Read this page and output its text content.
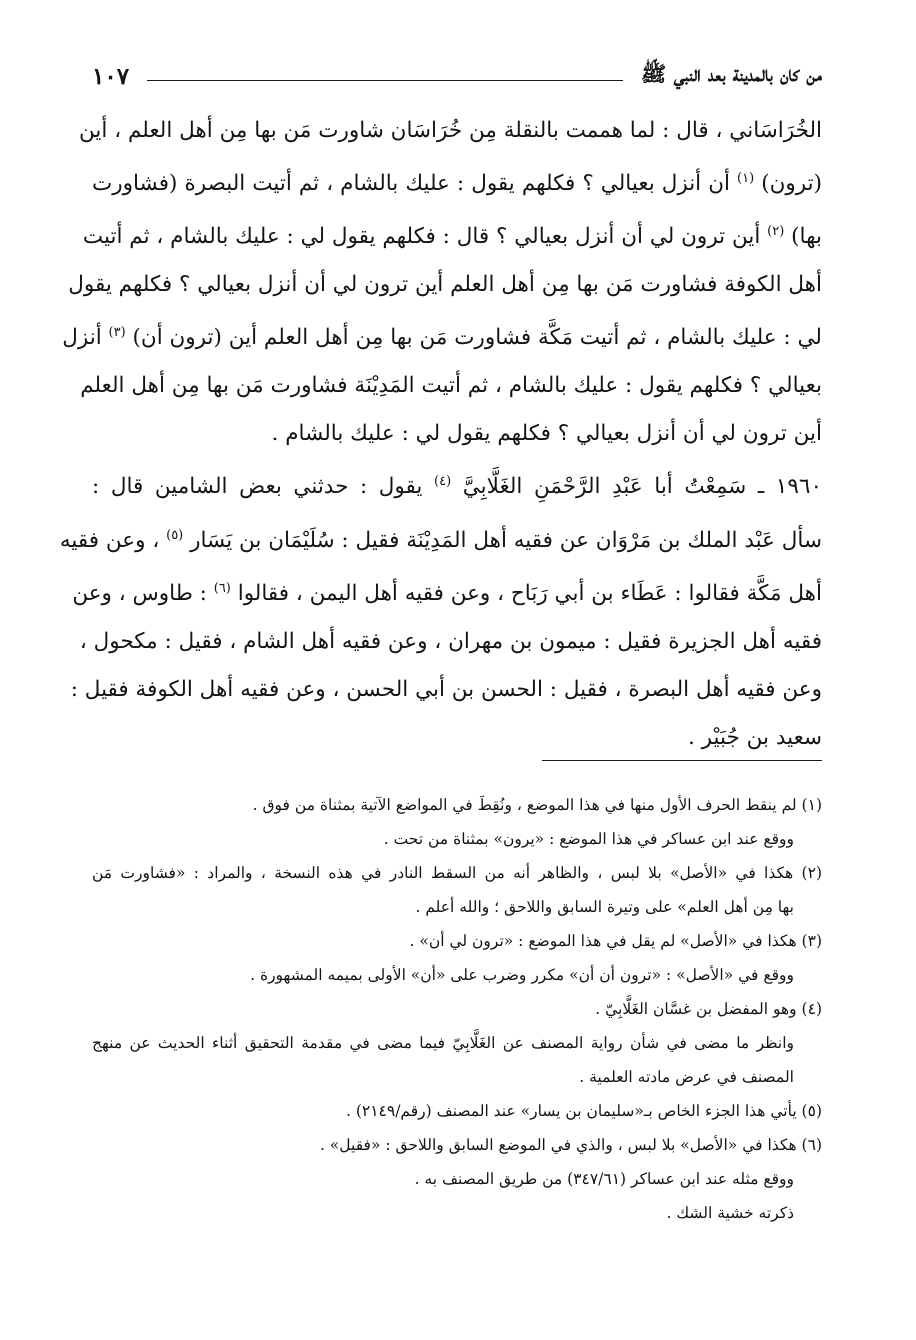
من كان بالمدينة بعد النبي ﷺ
١٠٧

الخُرَاسَاني ، قال : لما هممت بالنقلة مِن خُرَاسَان شاورت مَن بها مِن أهل العلم ، أين

(ترون) $^{(١)}$ أن أنزل بعيالي ؟ فكلهم يقول : عليك بالشام ، ثم أتيت البصرة (فشاورت

بها) $^{(٢)}$ أين ترون لي أن أنزل بعيالي ؟ قال : فكلهم يقول لي : عليك بالشام ، ثم أتيت

أهل الكوفة فشاورت مَن بها مِن أهل العلم أين ترون لي أن أنزل بعيالي ؟ فكلهم يقول

لي : عليك بالشام ، ثم أتيت مَكَّة فشاورت مَن بها مِن أهل العلم أين (ترون أن) $^{(٣)}$ أنزل

بعيالي ؟ فكلهم يقول : عليك بالشام ، ثم أتيت المَدِيْنَة فشاورت مَن بها مِن أهل العلم

أين ترون لي أن أنزل بعيالي ؟ فكلهم يقول لي : عليك بالشام .

١٩٦٠ ـ سَمِعْتُ أبا عَبْدِ الرَّحْمَنِ الغَلَّابِيَّ $^{(٤)}$ يقول : حدثني بعض الشامين قال :

سأل عَبْد الملك بن مَرْوَان عن فقيه أهل المَدِيْنَة فقيل : سُلَيْمَان بن يَسَار $^{(٥)}$ ، وعن فقيه

أهل مَكَّة فقالوا : عَطَاء بن أبي رَبَاح ، وعن فقيه أهل اليمن ، فقالوا $^{(٦)}$ : طاوس ، وعن

فقيه أهل الجزيرة فقيل : ميمون بن مهران ، وعن فقيه أهل الشام ، فقيل : مكحول ،

وعن فقيه أهل البصرة ، فقيل : الحسن بن أبي الحسن ، وعن فقيه أهل الكوفة فقيل :

سعيد بن جُبَيْر .

(١) لم ينقط الحرف الأول منها في هذا الموضع ، ونُقِطَ في المواضع الآتية بمثناة من فوق .

ووقع عند ابن عساكر في هذا الموضع : «يرون» بمثناة من تحت .

(٢) هكذا في «الأصل» بلا لبس ، والظاهر أنه من السقط النادر في هذه النسخة ، والمراد : «فشاورت مَن

بها مِن أهل العلم» على وتيرة السابق واللاحق ؛ والله أعلم .

(٣) هكذا في «الأصل» لم يقل في هذا الموضع : «ترون لي أن» .

ووقع في «الأصل» : «ترون أن أن» مكرر وضرب على «أن» الأولى بميمه المشهورة .

(٤) وهو المفضل بن غسَّان الغَلَّابِيّ .

وانظر ما مضى في شأن رواية المصنف عن الغَلَّابِيّ فيما مضى في مقدمة التحقيق أثناء الحديث عن منهج

المصنف في عرض مادته العلمية .

(٥) يأتي هذا الجزء الخاص بـ«سليمان بن يسار» عند المصنف (رقم/٢١٤٩) .

(٦) هكذا في «الأصل» بلا لبس ، والذي في الموضع السابق واللاحق : «فقيل» .

ووقع مثله عند ابن عساكر (٣٤٧/٦١) من طريق المصنف به .

ذكرته خشية الشك .
